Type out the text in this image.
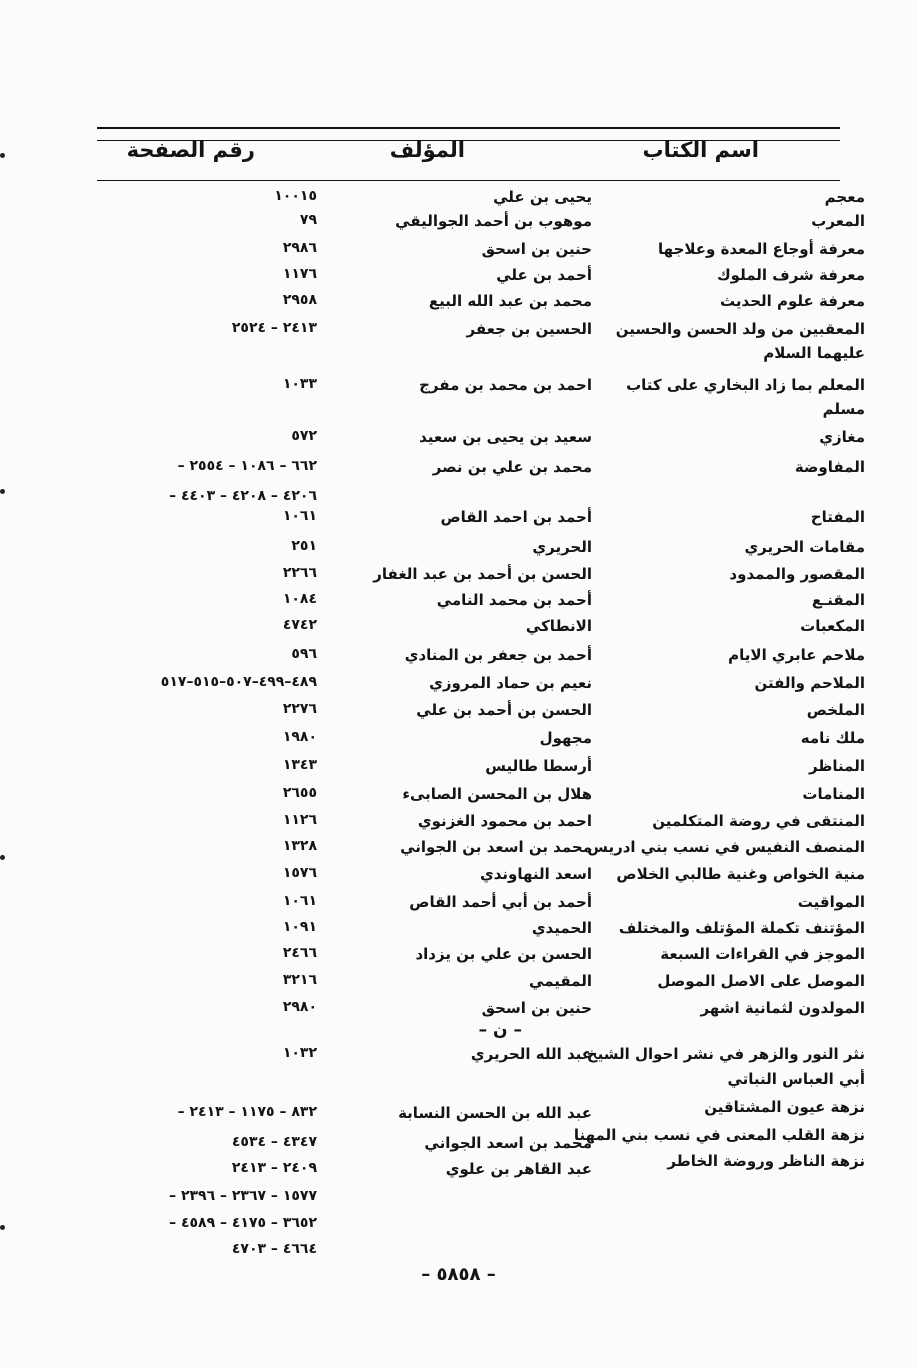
اسم الكتاب
المؤلف
رقم الصفحة
معجم
يحيى بن علي
١٠٠١٥
المعرب
موهوب بن أحمد الجواليقي
٧٩
معرفة أوجاع المعدة وعلاجها
حنين بن اسحق
٢٩٨٦
معرفة شرف الملوك
أحمد بن علي
١١٧٦
معرفة علوم الحديث
محمد بن عبد الله البيع
٢٩٥٨
المعقبين من ولد الحسن والحسين
الحسين بن جعفر
٢٤١٣ – ٢٥٢٤
عليهما السلام
المعلم بما زاد البخاري على كتاب
احمد بن محمد بن مفرج
١٠٣٣
مسلم
مغازي
سعيد بن يحيى بن سعيد
٥٧٢
المفاوضة
محمد بن علي بن نصر
٦٦٢ – ١٠٨٦ – ٢٥٥٤ –
٤٢٠٦ – ٤٢٠٨ – ٤٤٠٣ –
المفتاح
أحمد بن احمد القاص
١٠٦١
مقامات الحريري
الحريري
٢٥١
المقصور والممدود
الحسن بن أحمد بن عبد الغفار
٢٢٦٦
المقنـع
أحمد بن محمد النامي
١٠٨٤
المكعبات
الانطاكي
٤٧٤٢
ملاحم عابري الايام
أحمد بن جعفر بن المنادي
٥٩٦
الملاحم والفتن
نعيم بن حماد المروزي
٤٨٩–٤٩٩–٥٠٧–٥١٥–٥١٧
الملخص
الحسن بن أحمد بن علي
٢٢٧٦
ملك نامه
مجهول
١٩٨٠
المناظر
أرسطا طاليس
١٣٤٣
المنامات
هلال بن المحسن الصابىء
٢٦٥٥
المنتقى في روضة المتكلمين
احمد بن محمود الغزنوي
١١٢٦
المنصف النفيس في نسب بني ادريس
محمد بن اسعد بن الجواني
١٣٢٨
منية الخواص وغنية طالبي الخلاص
اسعد النهاوندي
١٥٧٦
المواقيت
أحمد بن أبي أحمد القاص
١٠٦١
المؤتنف تكملة المؤتلف والمختلف
الحميدي
١٠٩١
الموجز في القراءات السبعة
الحسن بن علي بن يزداد
٢٤٦٦
الموصل على الاصل الموصل
المقيمي
٣٢١٦
المولدون لثمانية اشهر
حنين بن اسحق
٢٩٨٠
نثر النور والزهر في نشر احوال الشيخ
عبد الله الحريري
١٠٣٢
أبي العباس النباتي
نزهة عيون المشتاقين
نزهة القلب المعنى في نسب بني المهنا
عبد الله بن الحسن النسابة
٨٣٢ – ١١٧٥ – ٢٤١٣ –
نزهة الناظر وروضة الخاطر
محمد بن اسعد الجواني
٤٣٤٧ – ٤٥٣٤
عبد القاهر بن علوي
٢٤٠٩ – ٢٤١٣
١٥٧٧ – ٢٣٦٧ – ٢٣٩٦ –
٣٦٥٢ – ٤١٧٥ – ٤٥٨٩ –
٤٦٦٤ – ٤٧٠٣
– ن –
– ٥٨٥٨ –
